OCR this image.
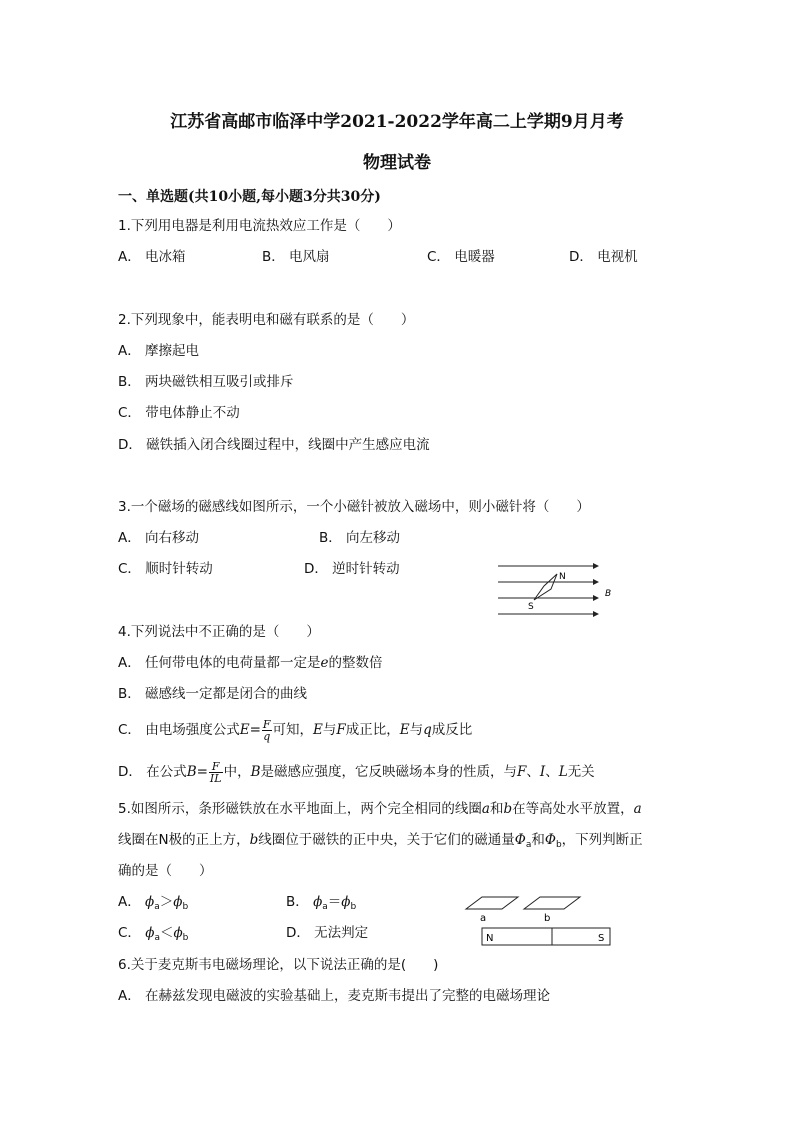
江苏省高邮市临泽中学2021-2022学年高二上学期9月月考
物理试卷
一、单选题(共10小题,每小题3分共30分)
1.下列用电器是利用电流热效应工作是（　　）
A． 电冰箱	B． 电风扇	C． 电暖器	D． 电视机
2.下列现象中，能表明电和磁有联系的是（　　）
A． 摩擦起电
B． 两块磁铁相互吸引或排斥
C． 带电体静止不动
D． 磁铁插入闭合线圈过程中，线圈中产生感应电流
3.一个磁场的磁感线如图所示，一个小磁针被放入磁场中，则小磁针将（　　）
A． 向右移动	B． 向左移动
C． 顺时针转动	D． 逆时针转动	N
S
B
4.下列说法中不正确的是（　　）
A． 任何带电体的电荷量都一定是e的整数倍
B． 磁感线一定都是闭合的曲线
C． 由电场强度公式$E= \frac{F}{q}$ 可知，E与F成正比，E与q成反比
D． 在公式$B= \frac{F}{IL}$ 中，B是磁感应强度，它反映磁场本身的性质，与F、I、L无关
5.如图所示，条形磁铁放在水平地面上，两个完全相同的线圈a和b在等高处水平放置，a
线圈在N极的正上方，b线圈位于磁铁的正中央，关于它们的磁通量$\Phi_a$和$\Phi_b$，下列判断正
确的是（　　）
A． $\phi_a>\phi_b$	B． $\phi_a=\phi_b$
C． $\phi_a<\phi_b$	D． 无法判定
a	b
N	S
6.关于麦克斯韦电磁场理论，以下说法正确的是(　　)
A． 在赫兹发现电磁波的实验基础上，麦克斯韦提出了完整的电磁场理论
